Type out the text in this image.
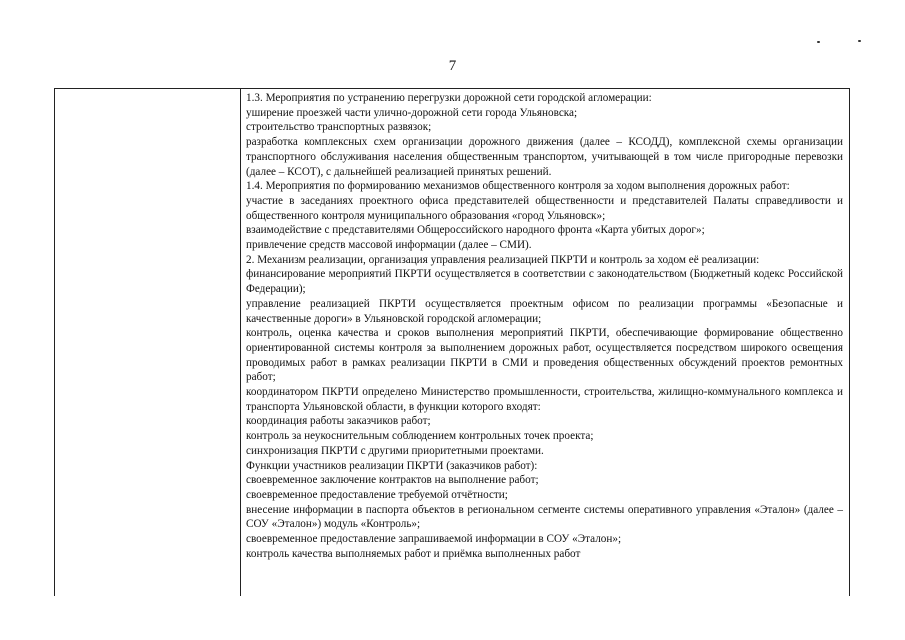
7

1.3. Мероприятия по устранению перегрузки дорожной сети городской агломерации:

уширение проезжей части улично-дорожной сети города Ульяновска;

строительство транспортных развязок;

разработка комплексных схем организации дорожного движения (далее – КСОДД), комплексной схемы организации транспортного обслуживания населения общественным транспортом, учитывающей в том числе пригородные перевозки (далее – КСОТ), с дальнейшей реализацией принятых решений.

1.4. Мероприятия по формированию механизмов общественного контроля за ходом выполнения дорожных работ:

участие в заседаниях проектного офиса представителей общественности и представителей Палаты справедливости и общественного контроля муниципального образования «город Ульяновск»;

взаимодействие с представителями Общероссийского народного фронта «Карта убитых дорог»;

привлечение средств массовой информации (далее – СМИ).

2. Механизм реализации, организация управления реализацией ПКРТИ и контроль за ходом её реализации:

финансирование мероприятий ПКРТИ осуществляется в соответствии с законодательством (Бюджетный кодекс Российской Федерации);

управление реализацией ПКРТИ осуществляется проектным офисом по реализации программы «Безопасные и качественные дороги» в Ульяновской городской агломерации;

контроль, оценка качества и сроков выполнения мероприятий ПКРТИ, обеспечивающие формирование общественно ориентированной системы контроля за выполнением дорожных работ, осуществляется посредством широкого освещения проводимых работ в рамках реализации ПКРТИ в СМИ и проведения общественных обсуждений проектов ремонтных работ;

координатором ПКРТИ определено Министерство промышленности, строительства, жилищно-коммунального комплекса и транспорта Ульяновской области, в функции которого входят:

координация работы заказчиков работ;

контроль за неукоснительным соблюдением контрольных точек проекта;

синхронизация ПКРТИ с другими приоритетными проектами.

Функции участников реализации ПКРТИ (заказчиков работ):

своевременное заключение контрактов на выполнение работ;

своевременное предоставление требуемой отчётности;

внесение информации в паспорта объектов в региональном сегменте системы оперативного управления «Эталон» (далее – СОУ «Эталон») модуль «Контроль»;

своевременное предоставление запрашиваемой информации в СОУ «Эталон»;

контроль качества выполняемых работ и приёмка выполненных работ
